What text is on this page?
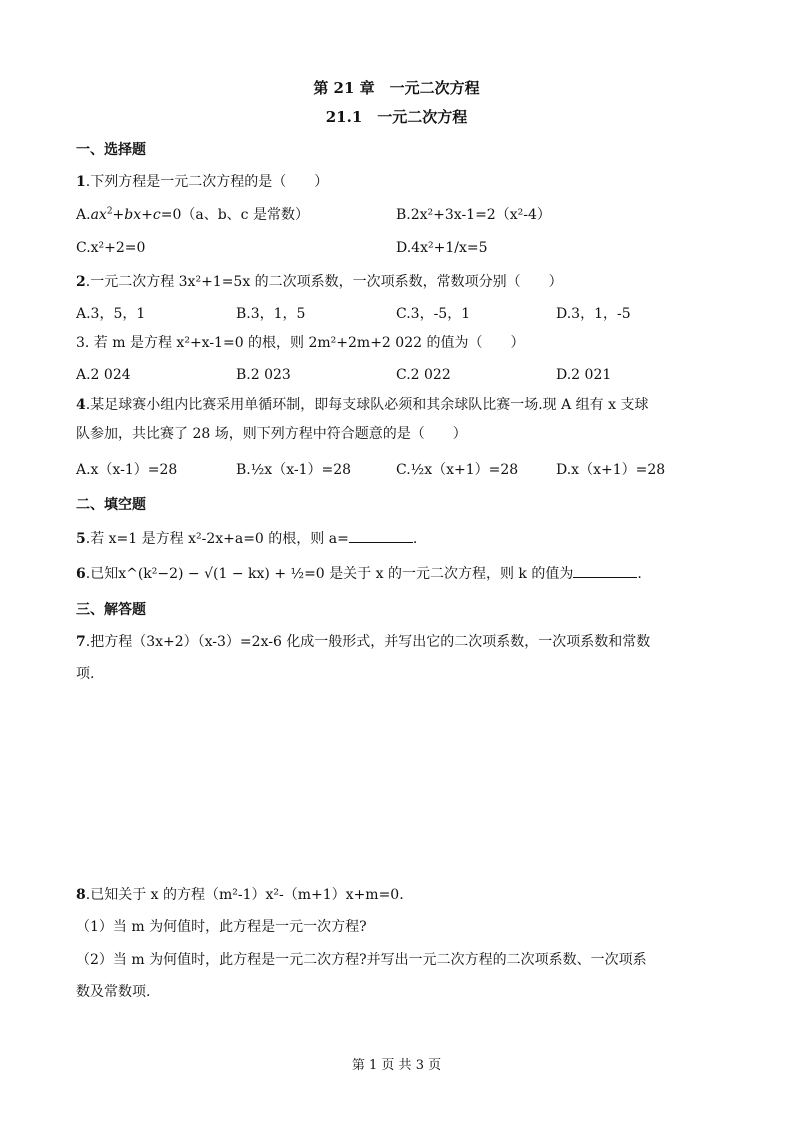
第 21 章　一元二次方程
21.1　一元二次方程
一、选择题
1.下列方程是一元二次方程的是（　　）
$A.ax^2+bx+c=0(a$、b、c 是常数）	B.2x²+3x-1=2（x²-4）
C.x²+2=0	D.4x²+1/x=5
2.一元二次方程 3x²+1=5x 的二次项系数，一次项系数，常数项分别（　　）
A.3，5，1	B.3，1，5	C.3，-5，1	D.3，1，-5
3. 若 m 是方程 x²+x-1=0 的根，则 2m²+2m+2 022 的值为（　　）
A.2 024	B.2 023	C.2 022	D.2 021
4.某足球赛小组内比赛采用单循环制，即每支球队必须和其余球队比赛一场.现 A 组有 x 支球
队参加，共比赛了 28 场，则下列方程中符合题意的是（　　）
A.x（x-1）=28	B.½x（x-1）=28	C.½x（x+1）=28	D.x（x+1）=28
二、填空题
5.若 x=1 是方程 x²-2x+a=0 的根，则 a=	.
6.已知x^(k²−2) − √(1 − kx) + ½=0 是关于 x 的一元二次方程，则 k 的值为	.
三、解答题
7.把方程（3x+2）（x-3）=2x-6 化成一般形式，并写出它的二次项系数，一次项系数和常数
项.
8.已知关于 x 的方程（m²-1）x²-（m+1）x+m=0.
（1）当 m 为何值时，此方程是一元一次方程?
（2）当 m 为何值时，此方程是一元二次方程?并写出一元二次方程的二次项系数、一次项系
数及常数项.
第 1 页 共 3 页
